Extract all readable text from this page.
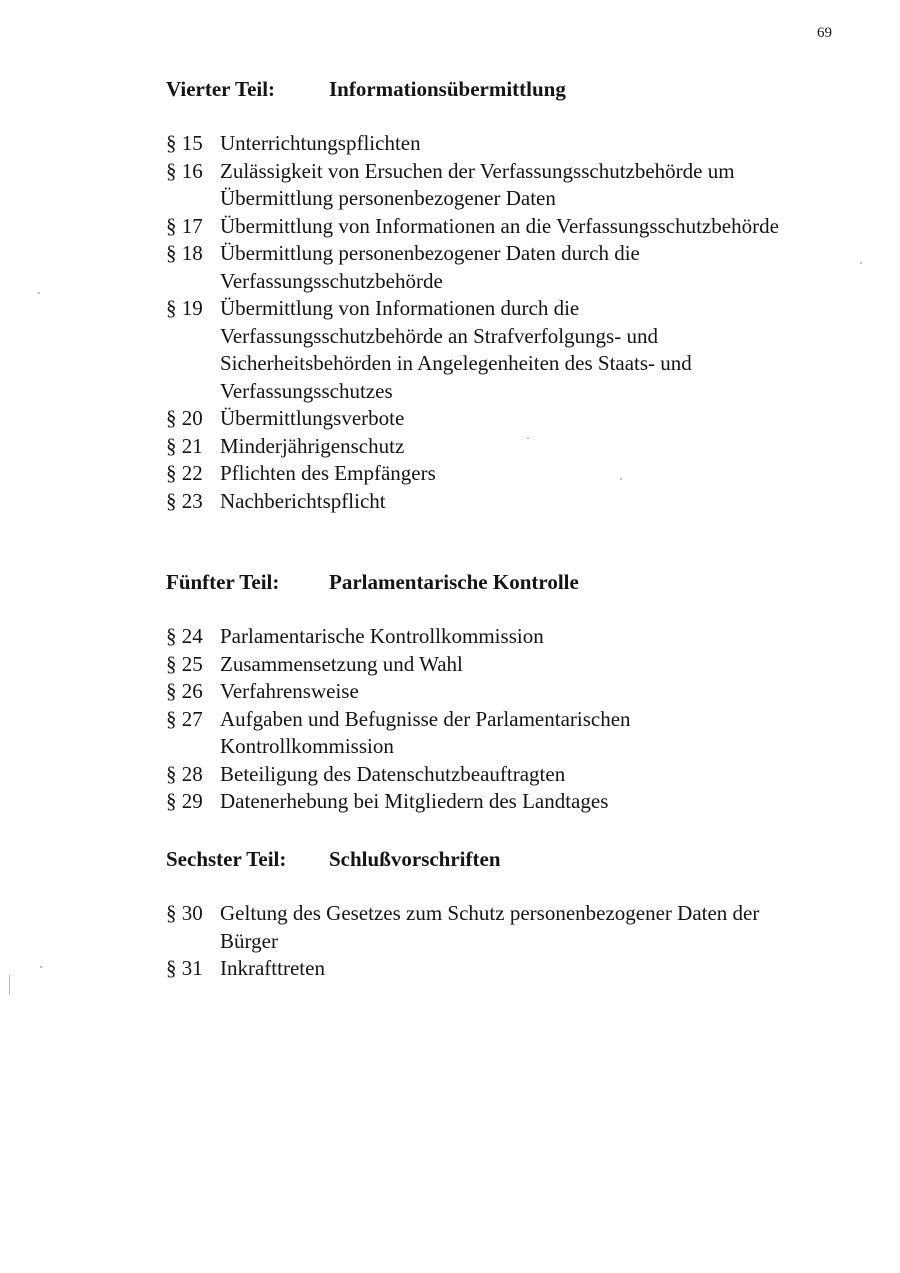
69
Vierter Teil:	Informationsübermittlung
§ 15 Unterrichtungspflichten
§ 16 Zulässigkeit von Ersuchen der Verfassungsschutzbehörde um Übermittlung personenbezogener Daten
§ 17 Übermittlung von Informationen an die Verfassungsschutzbehörde
§ 18 Übermittlung personenbezogener Daten durch die Verfassungsschutzbehörde
§ 19 Übermittlung von Informationen durch die Verfassungsschutzbehörde an Strafverfolgungs- und Sicherheitsbehörden in Angelegenheiten des Staats- und Verfassungsschutzes
§ 20 Übermittlungsverbote
§ 21 Minderjährigenschutz
§ 22 Pflichten des Empfängers
§ 23 Nachberichtspflicht
Fünfter Teil: Parlamentarische Kontrolle
§ 24 Parlamentarische Kontrollkommission
§ 25 Zusammensetzung und Wahl
§ 26 Verfahrensweise
§ 27 Aufgaben und Befugnisse der Parlamentarischen Kontrollkommission
§ 28 Beteiligung des Datenschutzbeauftragten
§ 29 Datenerhebung bei Mitgliedern des Landtages
Sechster Teil: Schlußvorschriften
§ 30 Geltung des Gesetzes zum Schutz personenbezogener Daten der Bürger
§ 31 Inkrafttreten
